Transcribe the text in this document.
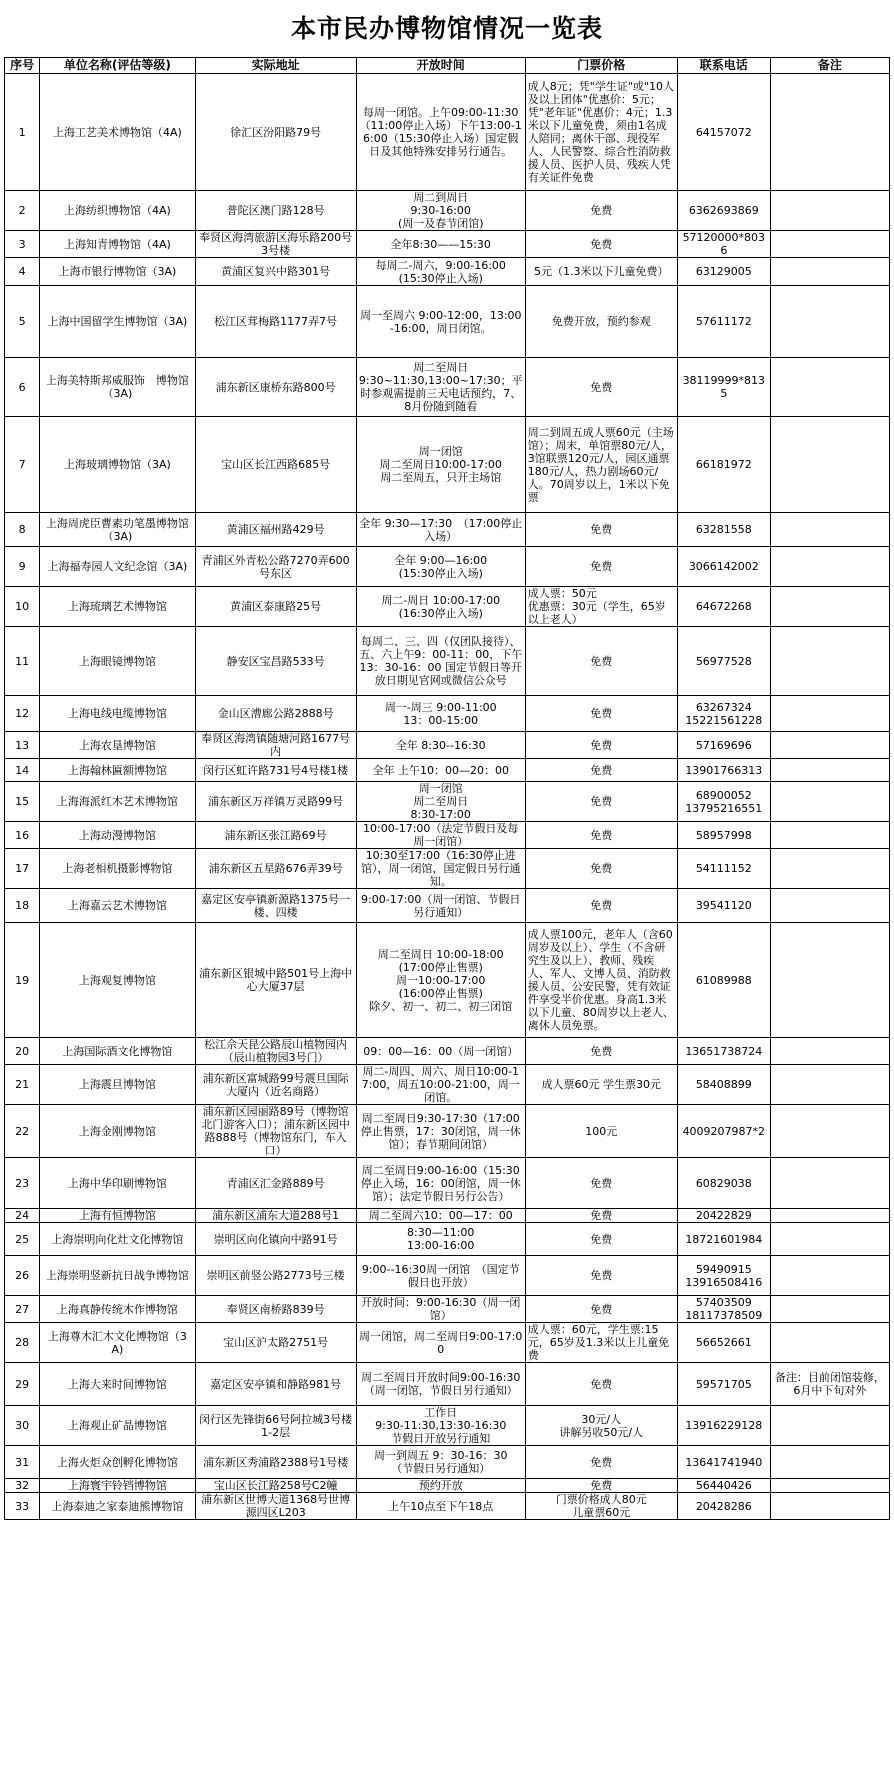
本市民办博物馆情况一览表
序号	单位名称(评估等级)	实际地址	开放时间	门票价格	联系电话	备注
1	上海工艺美术博物馆（4A)	徐汇区汾阳路79号	每周一闭馆。上午09:00-11:30（11:00停止入场）下午13:00-16:00（15:30停止入场）国定假日及其他特殊安排另行通告。	成人8元；凭"学生证"或"10人及以上团体"优惠价：5元；凭"老年证"优惠价：4元；1.3米以下儿童免费，须由1名成人陪同；离休干部、现役军人、人民警察、综合性消防救援人员、医护人员、残疾人凭有关证件免费	64157072	
2	上海纺织博物馆（4A)	普陀区澳门路128号	周二到周日
9:30-16:00
(周一及春节闭馆)	免费	6362693869	
3	上海知青博物馆（4A)	奉贤区海湾旅游区海乐路200号3号楼	全年8:30——15:30	免费	57120000*8036	
4	上海市银行博物馆（3A)	黄浦区复兴中路301号	每周二-周六，9:00-16:00
(15:30停止入场)	5元（1.3米以下儿童免费）	63129005	
5	上海中国留学生博物馆（3A)	松江区茸梅路1177弄7号	周一至周六 9:00-12:00，13:00-16:00，周日闭馆。	免费开放，预约参观	57611172	
6	上海美特斯邦威服饰　博物馆（3A)	浦东新区康桥东路800号	周二至周日
9:30~11:30,13:00~17:30；平时参观需提前三天电话预约，7、8月份随到随看	免费	38119999*8135	
7	上海玻璃博物馆（3A)	宝山区长江西路685号	周一闭馆
周二至周日10:00-17:00
周二至周五，只开主场馆	周二到周五成人票60元（主场馆）；周末，单馆票80元/人，3馆联票120元/人，园区通票180元/人，热力剧场60元/人。70周岁以上，1米以下免票	66181972	
8	上海周虎臣曹素功笔墨博物馆（3A)	黄浦区福州路429号	全年 9:30—17:30　（17:00停止入场）	免费	63281558	
9	上海福寿园人文纪念馆（3A)	青浦区外青松公路7270弄600号东区	全年 9:00—16:00
(15:30停止入场)	免费	3066142002	
10	上海琉璃艺术博物馆	黄浦区泰康路25号	周二-周日 10:00-17:00
(16:30停止入场)	成人票：50元
优惠票：30元（学生，65岁以上老人）	64672268	
11	上海眼镜博物馆	静安区宝昌路533号	每周二、三、四（仅团队接待）、五、六上午9：00-11：00，下午13：30-16：00 国定节假日等开放日期见官网或微信公众号	免费	56977528	
12	上海电线电缆博物馆	金山区漕廊公路2888号	周一-周三 9:00-11:00
13：00-15:00	免费	63267324
15221561228	
13	上海农垦博物馆	奉贤区海湾镇随塘河路1677号内	全年 8:30--16:30	免费	57169696	
14	上海翰林匾额博物馆	闵行区虹许路731号4号楼1楼	全年 上午10：00—20：00	免费	13901766313	
15	上海海派红木艺术博物馆	浦东新区万祥镇万灵路99号	周一闭馆
周二至周日
8:30-17:00	免费	68900052
13795216551	
16	上海动漫博物馆	浦东新区张江路69号	10:00-17:00（法定节假日及每周一闭馆）	免费	58957998	
17	上海老相机摄影博物馆	浦东新区五星路676弄39号	10:30至17:00（16:30停止进馆），周一闭馆，国定假日另行通知。	免费	54111152	
18	上海嘉云艺术博物馆	嘉定区安亭镇新源路1375号一楼、四楼	9:00-17:00（周一闭馆、节假日另行通知）	免费	39541120	
19	上海观复博物馆	浦东新区银城中路501号上海中心大厦37层	周二至周日 10:00-18:00
(17:00停止售票)
周一10:00-17:00
(16:00停止售票)
除夕、初一、初二、初三闭馆	成人票100元，老年人（含60周岁及以上）、学生（不含研究生及以上）、教师、残疾人、军人、文博人员、消防救援人员、公安民警，凭有效证件享受半价优惠。身高1.3米以下儿童、80周岁以上老人、离休人员免票。	61089988	
20	上海国际酒文化博物馆	松江佘天昆公路辰山植物园内（辰山植物园3号门）	09：00—16：00（周一闭馆）	免费	13651738724	
21	上海震旦博物馆	浦东新区富城路99号震旦国际大厦内（近名商路）	周二-周四、周六、周日10:00-17:00，周五10:00-21:00，周一闭馆。	成人票60元 学生票30元	58408899	
22	上海金刚博物馆	浦东新区园丽路89号（博物馆北门游客入口）；浦东新区园中路888号（博物馆东门，车入口）	周二至周日9:30-17:30（17:00停止售票，17：30闭馆，周一休馆）；春节期间闭馆）	100元	4009207987*2	
23	上海中华印刷博物馆	青浦区汇金路889号	周二至周日9:00-16:00（15:30停止入场，16：00闭馆，周一休馆）；法定节假日另行公告）	免费	60829038	
24	上海有恒博物馆	浦东新区浦东大道288号1	周二至周六10：00—17：00	免费	20422829	
25	上海崇明向化灶文化博物馆	崇明区向化镇向中路91号	8:30—11:00
13:00-16:00	免费	18721601984	
26	上海崇明竖新抗日战争博物馆	崇明区前竖公路2773号三楼	9:00--16:30周一闭馆　（国定节假日也开放）	免费	59490915
13916508416	
27	上海真静传统木作博物馆	奉贤区南桥路839号	开放时间：9:00-16:30（周一闭馆）	免费	57403509
18117378509	
28	上海尊木汇木文化博物馆（3A)	宝山区沪太路2751号	周一闭馆，周二至周日9:00-17:00	成人票：60元，学生票:15元，65岁及1.3米以上儿童免费	56652661	
29	上海大来时间博物馆	嘉定区安亭镇和静路981号	周二至周日开放时间9:00-16:30（周一闭馆，节假日另行通知）	免费	59571705	备注：目前闭馆装修，6月中下旬对外
30	上海观止矿晶博物馆	闵行区先锋街66号阿拉城3号楼1-2层	工作日
9:30-11:30,13:30-16:30
节假日开放另行通知	30元/人
讲解另收50元/人	13916229128	
31	上海火炬众创孵化博物馆	浦东新区秀浦路2388号1号楼	周一到周五 9：30-16：30
（节假日另行通知）	免费	13641741940	
32	上海寰宇铃铛博物馆	宝山区长江路258号C2幢	预约开放	免费	56440426	
33	上海泰迪之家泰迪熊博物馆	浦东新区世博大道1368号世博源四区L203	上午10点至下午18点	门票价格成人80元
儿童票60元	20428286	
